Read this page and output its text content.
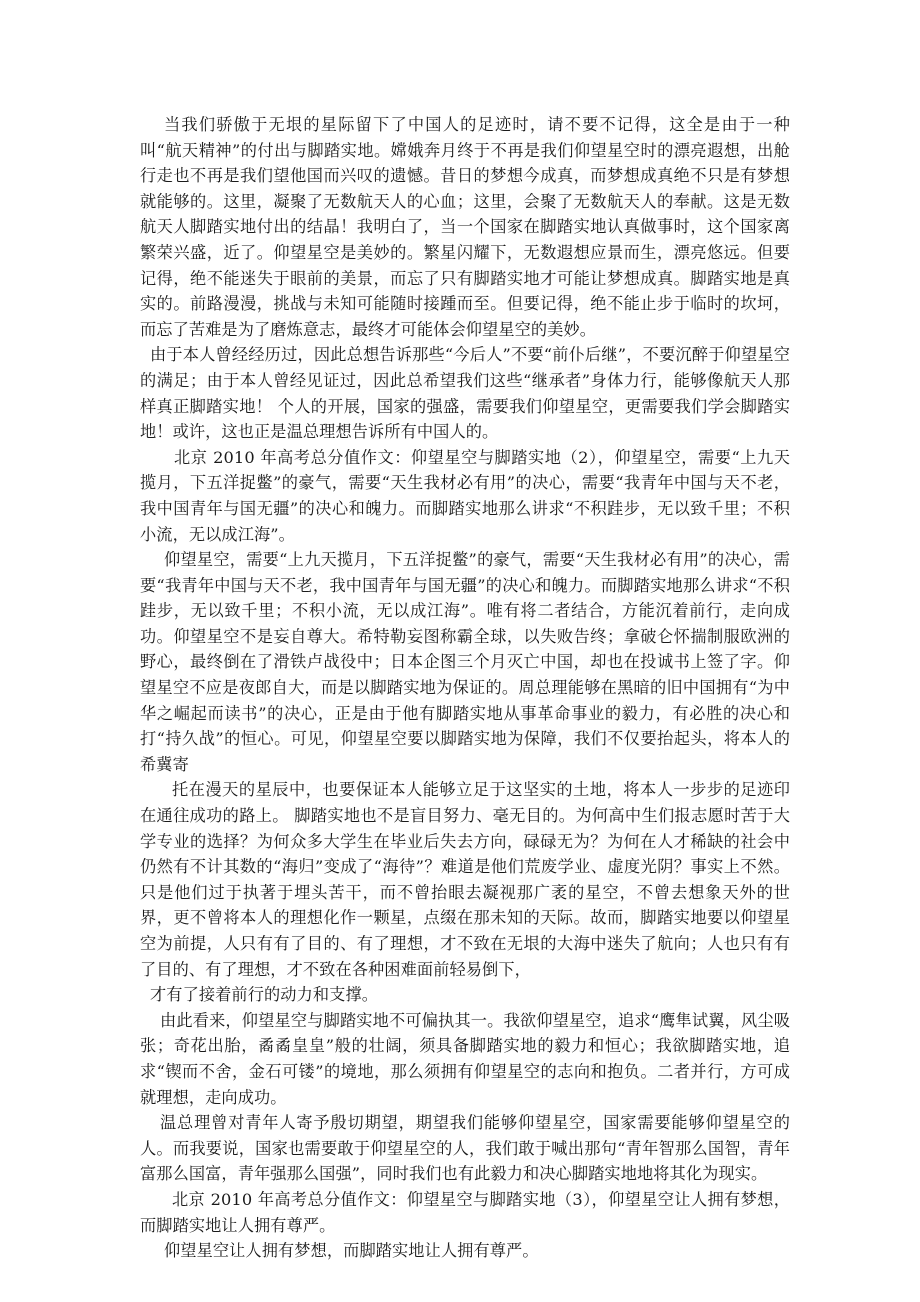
当我们骄傲于无垠的星际留下了中国人的足迹时，请不要不记得，这全是由于一种叫“航天精神”的付出与脚踏实地。嫦娥奔月终于不再是我们仰望星空时的漂亮遐想，出舱行走也不再是我们望他国而兴叹的遗憾。昔日的梦想今成真，而梦想成真绝不只是有梦想就能够的。这里，凝聚了无数航天人的心血；这里，会聚了无数航天人的奉献。这是无数航天人脚踏实地付出的结晶！我明白了，当一个国家在脚踏实地认真做事时，这个国家离繁荣兴盛，近了。仰望星空是美妙的。繁星闪耀下，无数遐想应景而生，漂亮悠远。但要记得，绝不能迷失于眼前的美景，而忘了只有脚踏实地才可能让梦想成真。脚踏实地是真实的。前路漫漫，挑战与未知可能随时接踵而至。但要记得，绝不能止步于临时的坎坷，而忘了苦难是为了磨炼意志，最终才可能体会仰望星空的美妙。

由于本人曾经经历过，因此总想告诉那些“今后人”不要“前仆后继”，不要沉醉于仰望星空的满足；由于本人曾经见证过，因此总希望我们这些“继承者”身体力行，能够像航天人那样真正脚踏实地！ 个人的开展，国家的强盛，需要我们仰望星空，更需要我们学会脚踏实地！或许，这也正是温总理想告诉所有中国人的。

北京 2010 年高考总分值作文：仰望星空与脚踏实地（2），仰望星空，需要“上九天揽月，下五洋捉鳖”的豪气，需要“天生我材必有用”的决心，需要“我青年中国与天不老，我中国青年与国无疆”的决心和魄力。而脚踏实地那么讲求“不积跬步，无以致千里；不积小流，无以成江海”。

仰望星空，需要“上九天揽月，下五洋捉鳖”的豪气，需要“天生我材必有用”的决心，需要“我青年中国与天不老，我中国青年与国无疆”的决心和魄力。而脚踏实地那么讲求“不积跬步，无以致千里；不积小流，无以成江海”。唯有将二者结合，方能沉着前行，走向成功。仰望星空不是妄自尊大。希特勒妄图称霸全球，以失败告终；拿破仑怀揣制服欧洲的野心，最终倒在了滑铁卢战役中；日本企图三个月灭亡中国，却也在投诚书上签了字。仰望星空不应是夜郎自大，而是以脚踏实地为保证的。周总理能够在黑暗的旧中国拥有“为中华之崛起而读书”的决心，正是由于他有脚踏实地从事革命事业的毅力，有必胜的决心和打“持久战”的恒心。可见，仰望星空要以脚踏实地为保障，我们不仅要抬起头，将本人的希冀寄

托在漫天的星辰中，也要保证本人能够立足于这坚实的土地，将本人一步步的足迹印在通往成功的路上。 脚踏实地也不是盲目努力、毫无目的。为何高中生们报志愿时苦于大学专业的选择？为何众多大学生在毕业后失去方向，碌碌无为？为何在人才稀缺的社会中仍然有不计其数的“海归”变成了“海待”？难道是他们荒废学业、虚度光阴？事实上不然。只是他们过于执著于埋头苦干，而不曾抬眼去凝视那广袤的星空，不曾去想象天外的世界，更不曾将本人的理想化作一颗星，点缀在那未知的天际。故而，脚踏实地要以仰望星空为前提，人只有有了目的、有了理想，才不致在无垠的大海中迷失了航向；人也只有有了目的、有了理想，才不致在各种困难面前轻易倒下，

才有了接着前行的动力和支撑。

由此看来，仰望星空与脚踏实地不可偏执其一。我欲仰望星空，追求“鹰隼试翼，风尘吸张；奇花出胎，矞矞皇皇”般的壮阔，须具备脚踏实地的毅力和恒心；我欲脚踏实地，追求“锲而不舍，金石可镂”的境地，那么须拥有仰望星空的志向和抱负。二者并行，方可成就理想，走向成功。

温总理曾对青年人寄予殷切期望，期望我们能够仰望星空，国家需要能够仰望星空的人。而我要说，国家也需要敢于仰望星空的人，我们敢于喊出那句“青年智那么国智，青年富那么国富，青年强那么国强”，同时我们也有此毅力和决心脚踏实地地将其化为现实。

北京 2010 年高考总分值作文：仰望星空与脚踏实地（3），仰望星空让人拥有梦想，而脚踏实地让人拥有尊严。

仰望星空让人拥有梦想，而脚踏实地让人拥有尊严。
